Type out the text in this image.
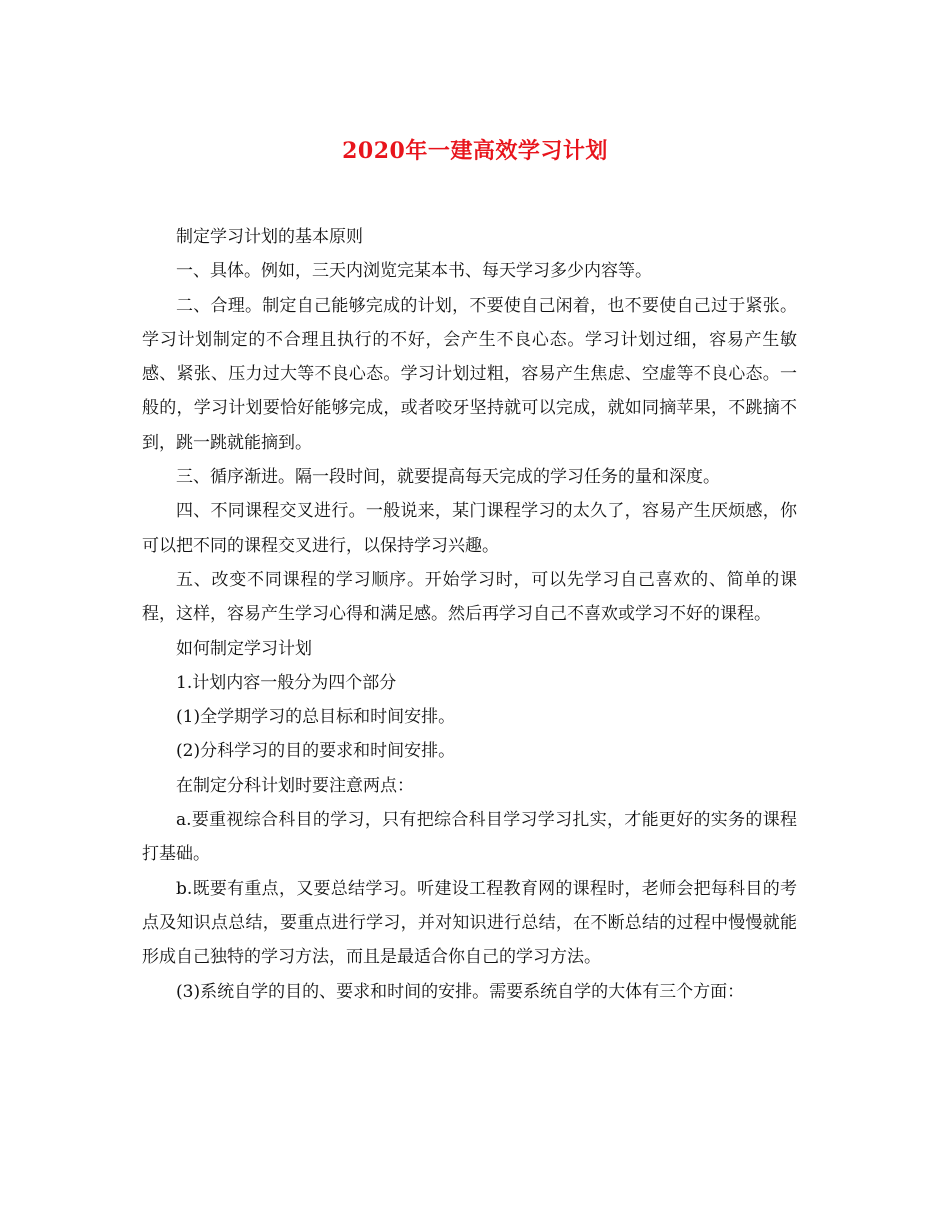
2020年一建高效学习计划

制定学习计划的基本原则

一、具体。例如，三天内浏览完某本书、每天学习多少内容等。

二、合理。制定自己能够完成的计划，不要使自己闲着，也不要使自己过于紧张。学习计划制定的不合理且执行的不好，会产生不良心态。学习计划过细，容易产生敏感、紧张、压力过大等不良心态。学习计划过粗，容易产生焦虑、空虚等不良心态。一般的，学习计划要恰好能够完成，或者咬牙坚持就可以完成，就如同摘苹果，不跳摘不到，跳一跳就能摘到。

三、循序渐进。隔一段时间，就要提高每天完成的学习任务的量和深度。

四、不同课程交叉进行。一般说来，某门课程学习的太久了，容易产生厌烦感，你可以把不同的课程交叉进行，以保持学习兴趣。

五、改变不同课程的学习顺序。开始学习时，可以先学习自己喜欢的、简单的课程，这样，容易产生学习心得和满足感。然后再学习自己不喜欢或学习不好的课程。

如何制定学习计划

1.计划内容一般分为四个部分

(1)全学期学习的总目标和时间安排。

(2)分科学习的目的要求和时间安排。

在制定分科计划时要注意两点：

a.要重视综合科目的学习，只有把综合科目学习学习扎实，才能更好的实务的课程打基础。

b.既要有重点，又要总结学习。听建设工程教育网的课程时，老师会把每科目的考点及知识点总结，要重点进行学习，并对知识进行总结，在不断总结的过程中慢慢就能形成自己独特的学习方法，而且是最适合你自己的学习方法。

(3)系统自学的目的、要求和时间的安排。需要系统自学的大体有三个方面：
